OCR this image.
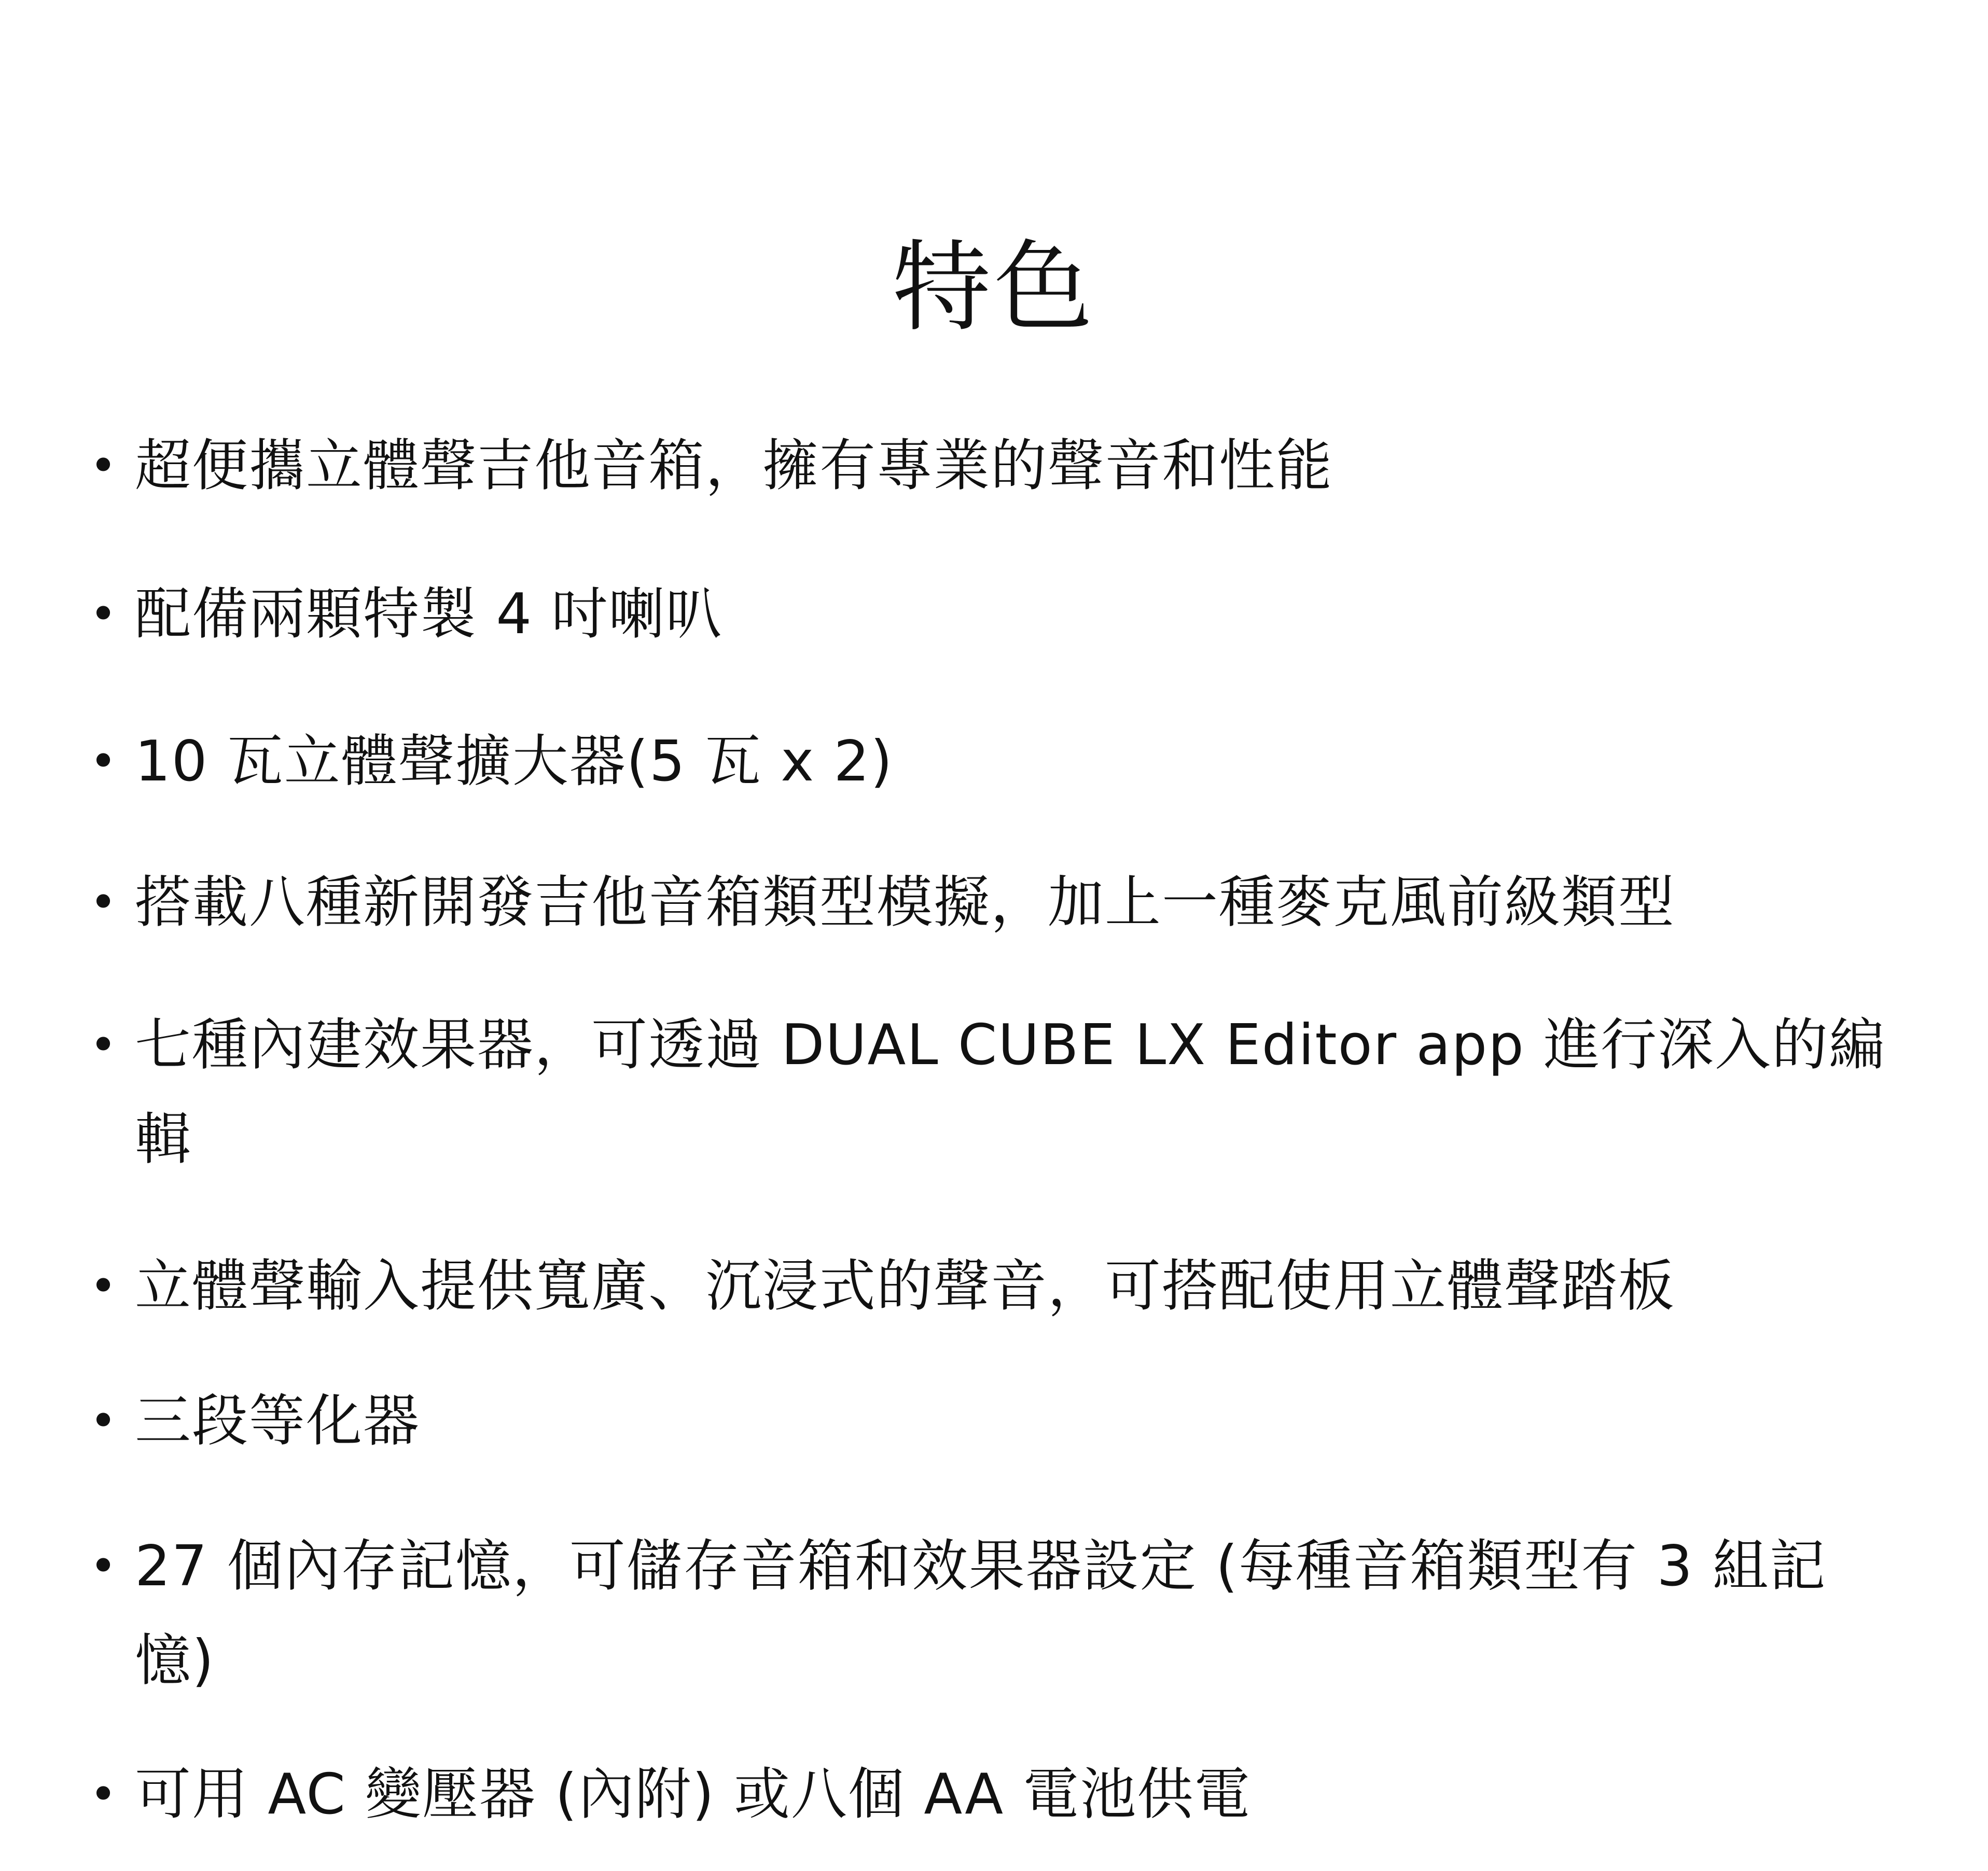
特色
• 超便攜立體聲吉他音箱，擁有專業的聲音和性能
• 配備兩顆特製 4 吋喇叭
• 10 瓦立體聲擴大器(5 瓦 x 2)
• 搭載八種新開發吉他音箱類型模擬，加上一種麥克風前級類型
• 七種內建效果器，可透過 DUAL CUBE LX Editor app 進行深入的編輯
• 立體聲輸入提供寬廣、沉浸式的聲音，可搭配使用立體聲踏板
• 三段等化器
• 27 個內存記憶，可儲存音箱和效果器設定 (每種音箱類型有 3 組記憶)
• 可用 AC 變壓器 (內附) 或八個 AA 電池供電
